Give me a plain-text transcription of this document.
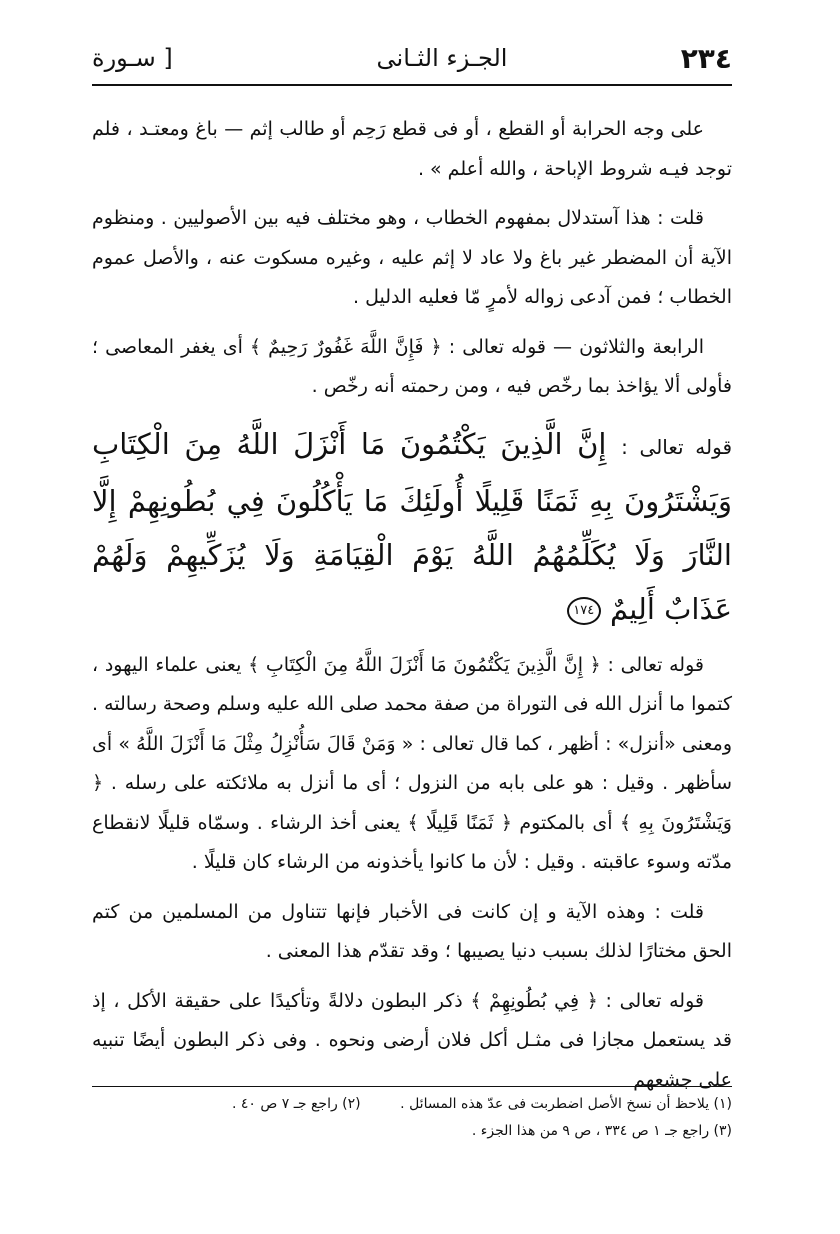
٢٣٤
الجـزء الثـانى
سـورة ]

على وجه الحرابة أو القطع ، أو فى قطع رَحِم أو طالب إثم — باغ ومعتـد ، فلم توجد فيـه شروط الإباحة ، والله أعلم » .

قلت : هذا آستدلال بمفهوم الخطاب ، وهو مختلف فيه بين الأصوليين . ومنظوم الآية أن المضطر غير باغ ولا عاد لا إثم عليه ، وغيره مسكوت عنه ، والأصل عموم الخطاب ؛ فمن آدعى زواله لأمرٍ مّا فعليه الدليل .

الرابعة والثلاثون — قوله تعالى : ﴿ فَإِنَّ اللَّهَ غَفُورٌ رَحِيمٌ ﴾ أى يغفر المعاصى ؛ فأولى ألا يؤاخذ بما رخّص فيه ، ومن رحمته أنه رخّص .

قوله تعالى : إِنَّ الَّذِينَ يَكْتُمُونَ مَا أَنْزَلَ اللَّهُ مِنَ الْكِتَابِ وَيَشْتَرُونَ بِهِ ثَمَنًا قَلِيلًا أُولَئِكَ مَا يَأْكُلُونَ فِي بُطُونِهِمْ إِلَّا النَّارَ وَلَا يُكَلِّمُهُمُ اللَّهُ يَوْمَ الْقِيَامَةِ وَلَا يُزَكِّيهِمْ وَلَهُمْ عَذَابٌ أَلِيمٌ ١٧٤

قوله تعالى : ﴿ إِنَّ الَّذِينَ يَكْتُمُونَ مَا أَنْزَلَ اللَّهُ مِنَ الْكِتَابِ ﴾ يعنى علماء اليهود ، كتموا ما أنزل الله فى التوراة من صفة محمد صلى الله عليه وسلم وصحة رسالته . ومعنى «أنزل» : أظهر ، كما قال تعالى : « وَمَنْ قَالَ سَأُنْزِلُ مِثْلَ مَا أَنْزَلَ اللَّهُ » أى سأظهر . وقيل : هو على بابه من النزول ؛ أى ما أنزل به ملائكته على رسله . ﴿ وَيَشْتَرُونَ بِهِ ﴾ أى بالمكتوم ﴿ ثَمَنًا قَلِيلًا ﴾ يعنى أخذ الرشاء . وسمّاه قليلًا لانقطاع مدّته وسوء عاقبته . وقيل : لأن ما كانوا يأخذونه من الرشاء كان قليلًا .

قلت : وهذه الآية و إن كانت فى الأخبار فإنها تتناول من المسلمين من كتم الحق مختارًا لذلك بسبب دنيا يصيبها ؛ وقد تقدّم هذا المعنى .

قوله تعالى : ﴿ فِي بُطُونِهِمْ ﴾ ذكر البطون دلالةً وتأكيدًا على حقيقة الأكل ، إذ قد يستعمل مجازا فى مثـل أكل فلان أرضى ونحوه . وفى ذكر البطون أيضًا تنبيه على جشعهم

(١) يلاحظ أن نسخ الأصل اضطربت فى عدّ هذه المسائل .
(٢) راجع جـ ٧ ص ٤٠ .
(٣) راجع جـ ١ ص ٣٣٤ ، ص ٩ من هذا الجزء .
